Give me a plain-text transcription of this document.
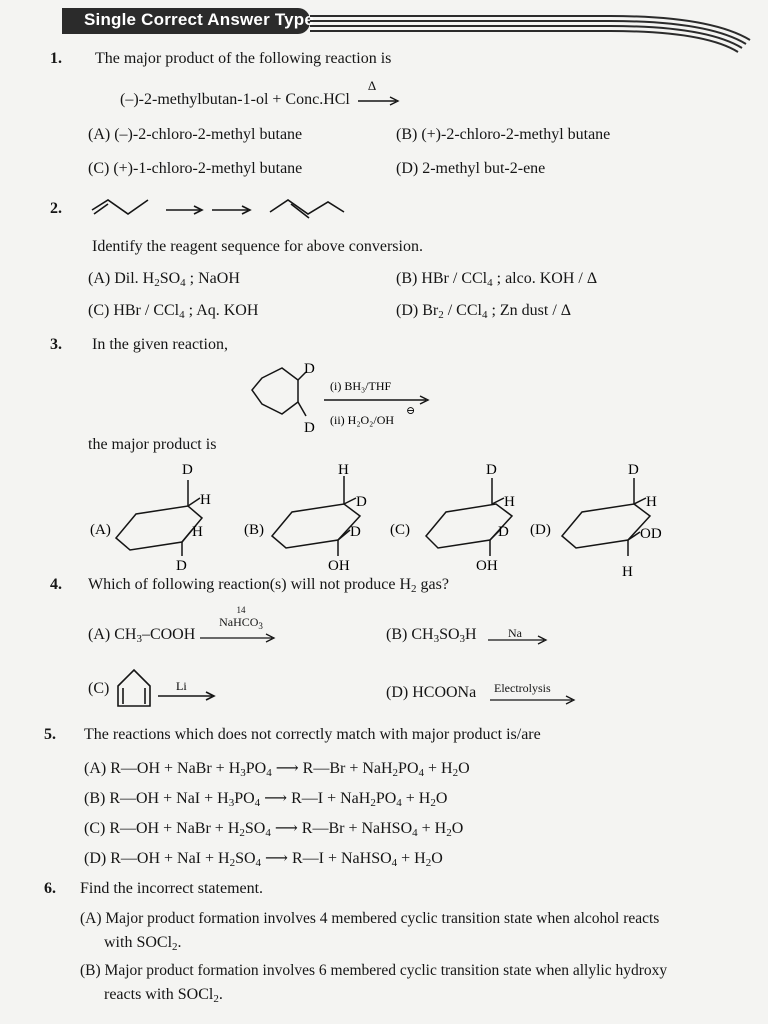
Single Correct Answer Type
1. The major product of the following reaction is
(–)-2-methylbutan-1-ol + Conc.HCl
Δ
(A) (–)-2-chloro-2-methyl butane	(B) (+)-2-chloro-2-methyl butane
(C) (+)-1-chloro-2-methyl butane	(D) 2-methyl but-2-ene
2.
Identify the reagent sequence for above conversion.
(A) Dil. $H_2SO_4$ ; NaOH	(B) HBr / CCl$_4$ ; alco. KOH / Δ
(C) HBr / CCl$_4$ ; Aq. KOH	(D) $Br_2 / CCl_4$ ; Zn dust / Δ
3. In the given reaction,
D
D
(i) BH₃/THF
(ii) H₂O₂/OH
⊖
the major product is
(A)
D
H
H
D
(B)
H
D
D
OH
(C)
D
H
D
OH
(D)
D
H
OD
H
4. Which of following reaction(s) will not produce $H_2$ gas?
(A) $CH_3$–COOH
14
NaHCO$_3$	(B) $CH_3SO_3H$	Na
(C)	Li	(D) HCOONa Electrolysis
5. The reactions which does not correctly match with major product is/are
(A) R—OH + NaBr + $H_3PO_4$ ⟶ R—Br + $NaH_2PO_4 + H_2O$
(B) R—OH + NaI + $H_3PO_4$ ⟶ R—I + $NaH_2PO_4 + H_2O$
(C) R—OH + NaBr + $H_2SO_4$ ⟶ R—Br + NaHSO$_4$ + $H_2O$
(D) R—OH + NaI + $H_2SO_4$ ⟶ R—I + NaHSO$_4$ + $H_2O$
6. Find the incorrect statement.
(A) Major product formation involves 4 membered cyclic transition state when alcohol reacts
with SOCl$_2$.
(B) Major product formation involves 6 membered cyclic transition state when allylic hydroxy
reacts with SOCl$_2$.
